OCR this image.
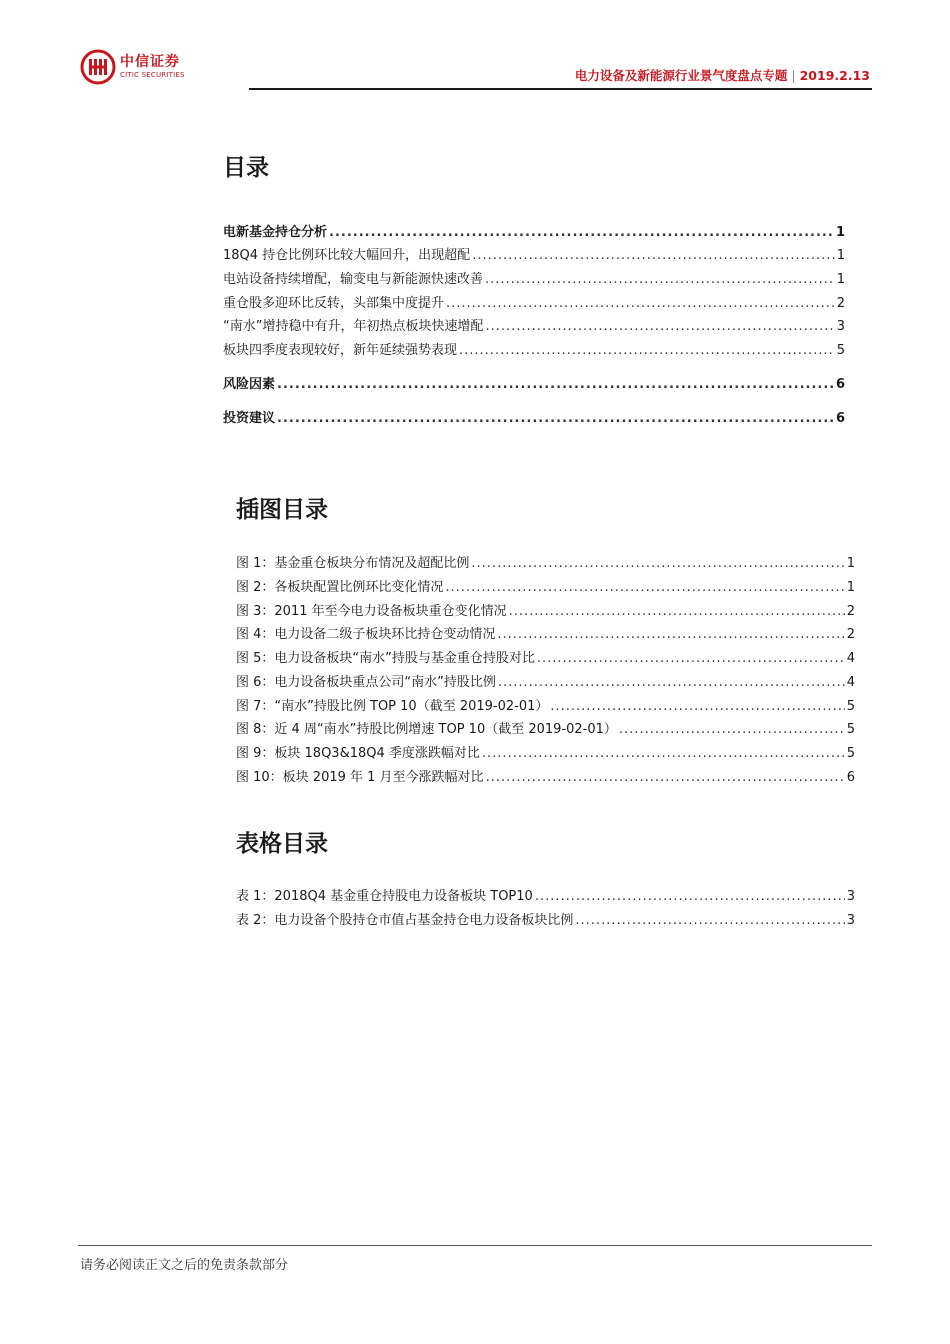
中信证券
CITIC SECURITIES	电力设备及新能源行业景气度盘点专题 | 2019.2.13
目录
电新基金持仓分析 .....	1
18Q4 持仓比例环比较大幅回升，出现超配 .....	1
电站设备持续增配，输变电与新能源快速改善 .....	1
重仓股多迎环比反转，头部集中度提升 .....	2
“南水”增持稳中有升，年初热点板块快速增配 .....	3
板块四季度表现较好，新年延续强势表现 .....	5
风险因素 .....	6
投资建议 .....	6
插图目录
图 1：基金重仓板块分布情况及超配比例 .....	1
图 2：各板块配置比例环比变化情况 .....	1
图 3：2011 年至今电力设备板块重仓变化情况 .....	2
图 4：电力设备二级子板块环比持仓变动情况 .....	2
图 5：电力设备板块“南水”持股与基金重仓持股对比 .....	4
图 6：电力设备板块重点公司“南水”持股比例 .....	4
图 7：“南水”持股比例 TOP 10（截至 2019-02-01） .....	5
图 8：近 4 周“南水”持股比例增速 TOP 10（截至 2019-02-01） .....	5
图 9：板块 18Q3&18Q4 季度涨跌幅对比 .....	5
图 10：板块 2019 年 1 月至今涨跌幅对比 .....	6
表格目录
表 1：2018Q4 基金重仓持股电力设备板块 TOP10 .....	3
表 2：电力设备个股持仓市值占基金持仓电力设备板块比例 .....	3
请务必阅读正文之后的免责条款部分
